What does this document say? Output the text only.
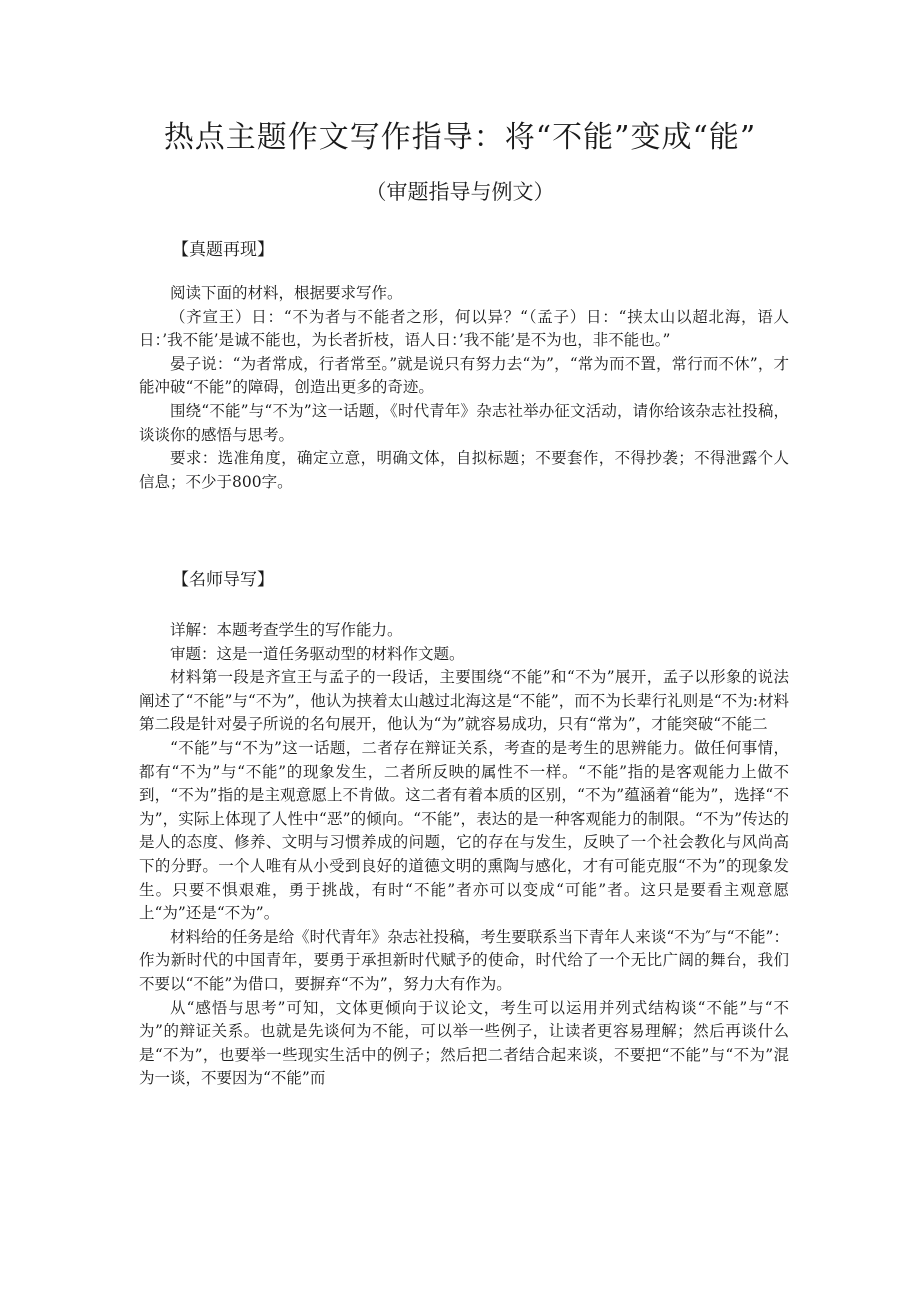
热点主题作文写作指导：将“不能”变成“能”
（审题指导与例文）
【真题再现】

阅读下面的材料，根据要求写作。

（齐宣王）日：“不为者与不能者之形，何以异？“（孟子）日：“挟太山以超北海，语人日：’我不能’是诚不能也，为长者折枝，语人日：’我不能’是不为也，非不能也。”

晏子说：“为者常成，行者常至。”就是说只有努力去“为”，“常为而不置，常行而不休”，才能冲破“不能”的障碍，创造出更多的奇迹。

围绕“不能”与“不为”这一话题，《时代青年》杂志社举办征文活动，请你给该杂志社投稿，谈谈你的感悟与思考。

要求：选准角度，确定立意，明确文体，自拟标题；不要套作，不得抄袭；不得泄露个人信息；不少于800字。

【名师导写】

详解：本题考查学生的写作能力。

审题：这是一道任务驱动型的材料作文题。

材料第一段是齐宣王与孟子的一段话，主要围绕“不能”和“不为”展开，孟子以形象的说法阐述了“不能”与“不为”，他认为挟着太山越过北海这是“不能”，而不为长辈行礼则是“不为:材料第二段是针对晏子所说的名句展开，他认为“为”就容易成功，只有“常为”，才能突破“不能二

“不能”与“不为”这一话题，二者存在辩证关系，考查的是考生的思辨能力。做任何事情，都有“不为”与“不能”的现象发生，二者所反映的属性不一样。“不能”指的是客观能力上做不到，“不为”指的是主观意愿上不肯做。这二者有着本质的区别，“不为”蕴涵着“能为”，选择“不为”，实际上体现了人性中“恶”的倾向。“不能”，表达的是一种客观能力的制限。“不为”传达的是人的态度、修养、文明与习惯养成的问题，它的存在与发生，反映了一个社会教化与风尚高下的分野。一个人唯有从小受到良好的道德文明的熏陶与感化，才有可能克服“不为”的现象发生。只要不惧艰难，勇于挑战，有时“不能”者亦可以变成“可能”者。这只是要看主观意愿上“为”还是“不为”。

材料给的任务是给《时代青年》杂志社投稿，考生要联系当下青年人来谈“不为″与“不能”：作为新时代的中国青年，要勇于承担新时代赋予的使命，时代给了一个无比广阔的舞台，我们不要以“不能”为借口，要摒弃“不为”，努力大有作为。

从“感悟与思考”可知，文体更倾向于议论文，考生可以运用并列式结构谈“不能”与“不为”的辩证关系。也就是先谈何为不能，可以举一些例子，让读者更容易理解；然后再谈什么是“不为”，也要举一些现实生活中的例子；然后把二者结合起来谈，不要把“不能”与“不为”混为一谈，不要因为“不能”而
